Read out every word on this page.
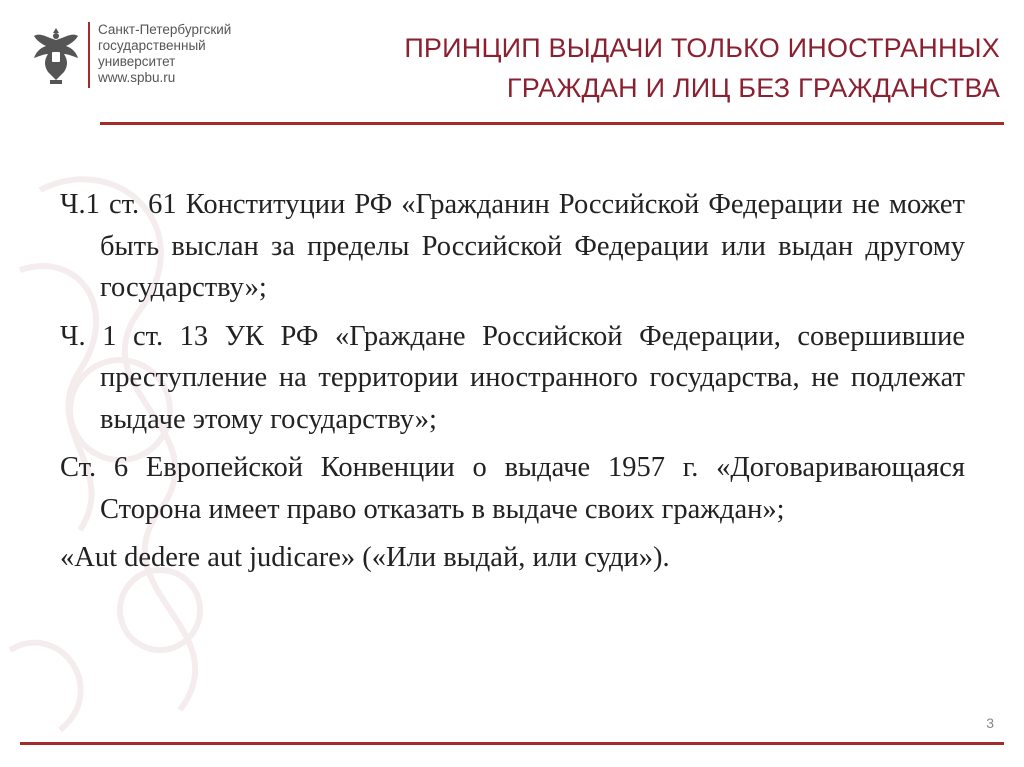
Санкт-Петербургский
государственный
университет
www.spbu.ru
ПРИНЦИП ВЫДАЧИ ТОЛЬКО ИНОСТРАННЫХ
ГРАЖДАН И ЛИЦ БЕЗ ГРАЖДАНСТВА
Ч.1 ст. 61 Конституции РФ «Гражданин Российской Федерации не может быть выслан за пределы Российской Федерации или выдан другому государству»;
Ч. 1 ст. 13 УК РФ «Граждане Российской Федерации, совершившие преступление на территории иностранного государства, не подлежат выдаче этому государству»;
Ст. 6 Европейской Конвенции о выдаче 1957 г. «Договаривающаяся Сторона имеет право отказать в выдаче своих граждан»;
«Aut dedere aut judicare» («Или выдай, или суди»).
3
